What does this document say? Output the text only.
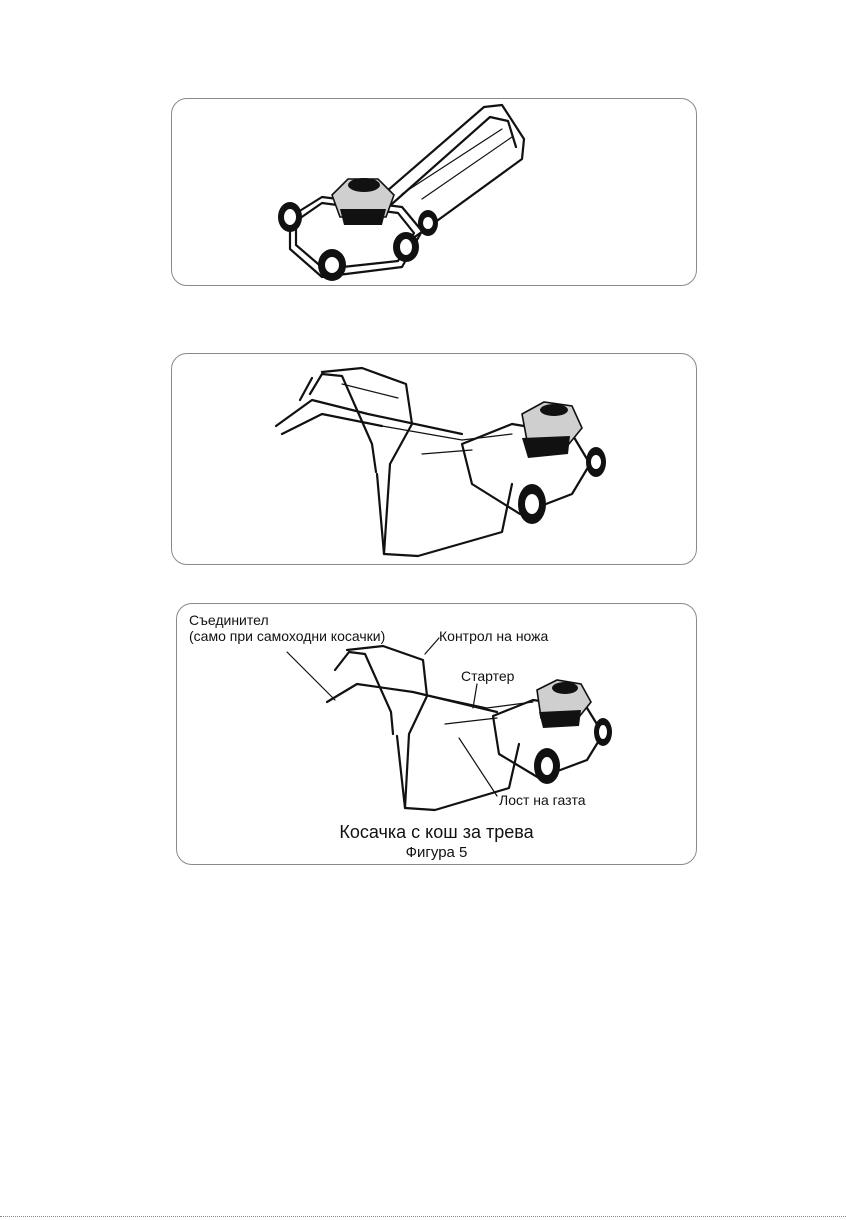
Съединител
(само при самоходни косачки)	Контрол на ножа
Стартер
Лост на газта
Косачка с кош за трева
Фигура 5
